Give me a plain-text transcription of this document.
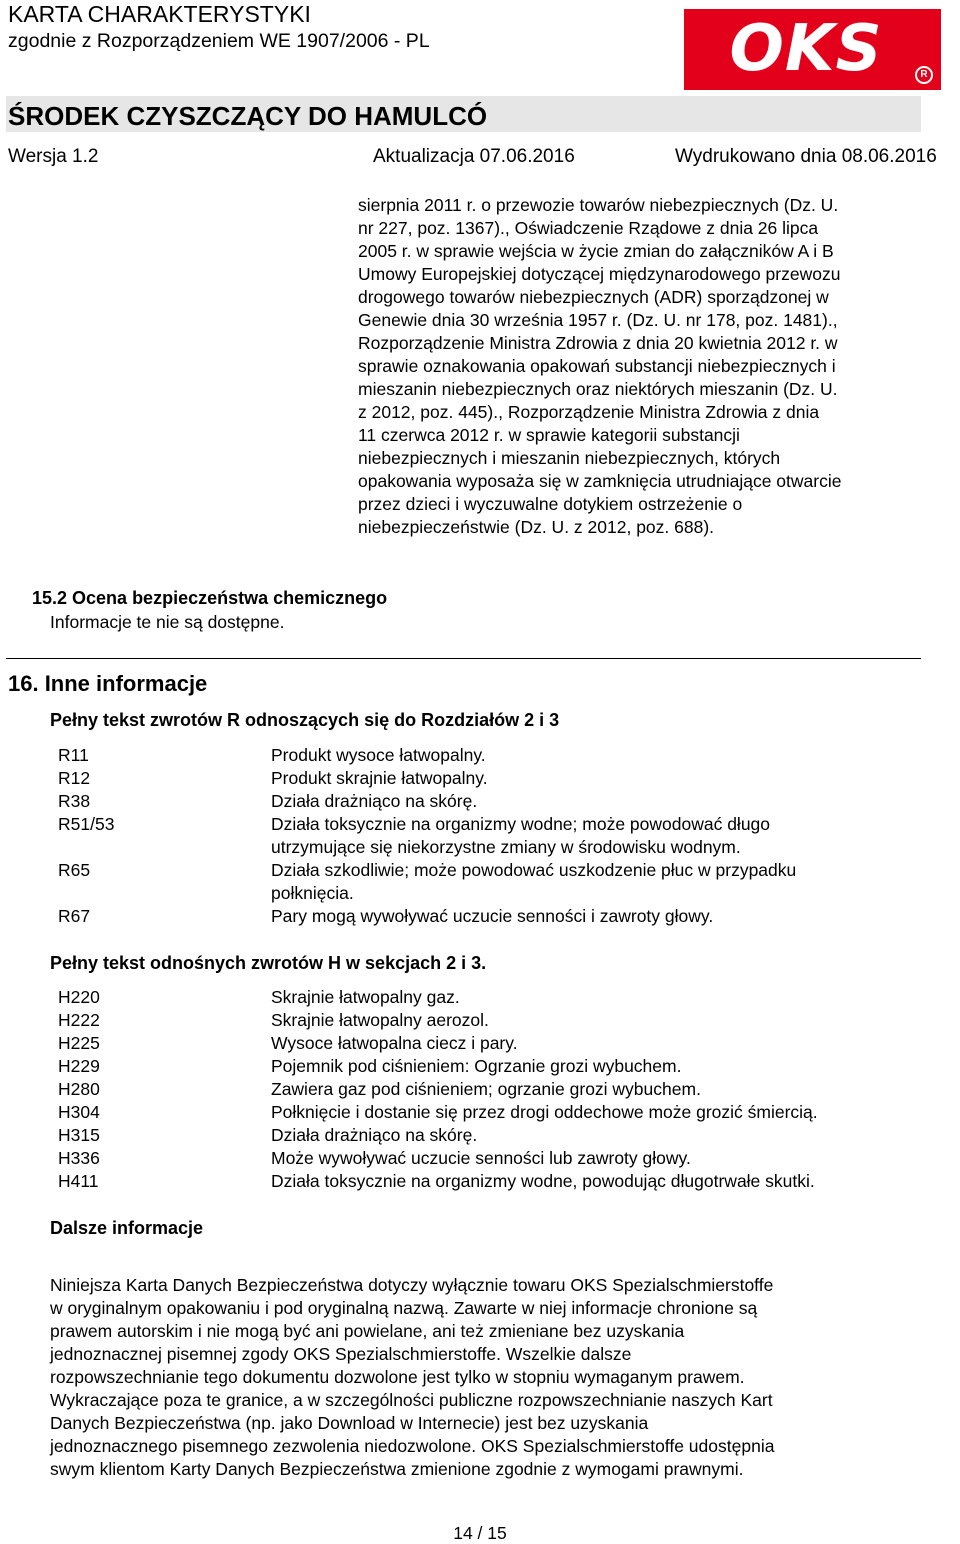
KARTA CHARAKTERYSTYKI
zgodnie z Rozporządzeniem WE 1907/2006 - PL	OKS	R
ŚRODEK CZYSZCZĄCY DO HAMULCÓ
Wersja 1.2	Aktualizacja 07.06.2016	Wydrukowano dnia 08.06.2016
sierpnia 2011 r. o przewozie towarów niebezpiecznych (Dz. U.
nr 227, poz. 1367)., Oświadczenie Rządowe z dnia 26 lipca
2005 r. w sprawie wejścia w życie zmian do załączników A i B
Umowy Europejskiej dotyczącej międzynarodowego przewozu
drogowego towarów niebezpiecznych (ADR) sporządzonej w
Genewie dnia 30 września 1957 r. (Dz. U. nr 178, poz. 1481).,
Rozporządzenie Ministra Zdrowia z dnia 20 kwietnia 2012 r. w
sprawie oznakowania opakowań substancji niebezpiecznych i
mieszanin niebezpiecznych oraz niektórych mieszanin (Dz. U.
z 2012, poz. 445)., Rozporządzenie Ministra Zdrowia z dnia
11 czerwca 2012 r. w sprawie kategorii substancji
niebezpiecznych i mieszanin niebezpiecznych, których
opakowania wyposaża się w zamknięcia utrudniające otwarcie
przez dzieci i wyczuwalne dotykiem ostrzeżenie o
niebezpieczeństwie (Dz. U. z 2012, poz. 688).
15.2 Ocena bezpieczeństwa chemicznego
Informacje te nie są dostępne.
16. Inne informacje
Pełny tekst zwrotów R odnoszących się do Rozdziałów 2 i 3
R11	Produkt wysoce łatwopalny.
R12	Produkt skrajnie łatwopalny.
R38	Działa drażniąco na skórę.
R51/53	Działa toksycznie na organizmy wodne; może powodować długo
utrzymujące się niekorzystne zmiany w środowisku wodnym.
R65	Działa szkodliwie; może powodować uszkodzenie płuc w przypadku
połknięcia.
R67	Pary mogą wywoływać uczucie senności i zawroty głowy.
Pełny tekst odnośnych zwrotów H w sekcjach 2 i 3.
H220	Skrajnie łatwopalny gaz.
H222	Skrajnie łatwopalny aerozol.
H225	Wysoce łatwopalna ciecz i pary.
H229	Pojemnik pod ciśnieniem: Ogrzanie grozi wybuchem.
H280	Zawiera gaz pod ciśnieniem; ogrzanie grozi wybuchem.
H304	Połknięcie i dostanie się przez drogi oddechowe może grozić śmiercią.
H315	Działa drażniąco na skórę.
H336	Może wywoływać uczucie senności lub zawroty głowy.
H411	Działa toksycznie na organizmy wodne, powodując długotrwałe skutki.
Dalsze informacje
Niniejsza Karta Danych Bezpieczeństwa dotyczy wyłącznie towaru OKS Spezialschmierstoffe
w oryginalnym opakowaniu i pod oryginalną nazwą. Zawarte w niej informacje chronione są
prawem autorskim i nie mogą być ani powielane, ani też zmieniane bez uzyskania
jednoznacznej pisemnej zgody OKS Spezialschmierstoffe. Wszelkie dalsze
rozpowszechnianie tego dokumentu dozwolone jest tylko w stopniu wymaganym prawem.
Wykraczające poza te granice, a w szczególności publiczne rozpowszechnianie naszych Kart
Danych Bezpieczeństwa (np. jako Download w Internecie) jest bez uzyskania
jednoznacznego pisemnego zezwolenia niedozwolone. OKS Spezialschmierstoffe udostępnia
swym klientom Karty Danych Bezpieczeństwa zmienione zgodnie z wymogami prawnymi.
14 / 15
